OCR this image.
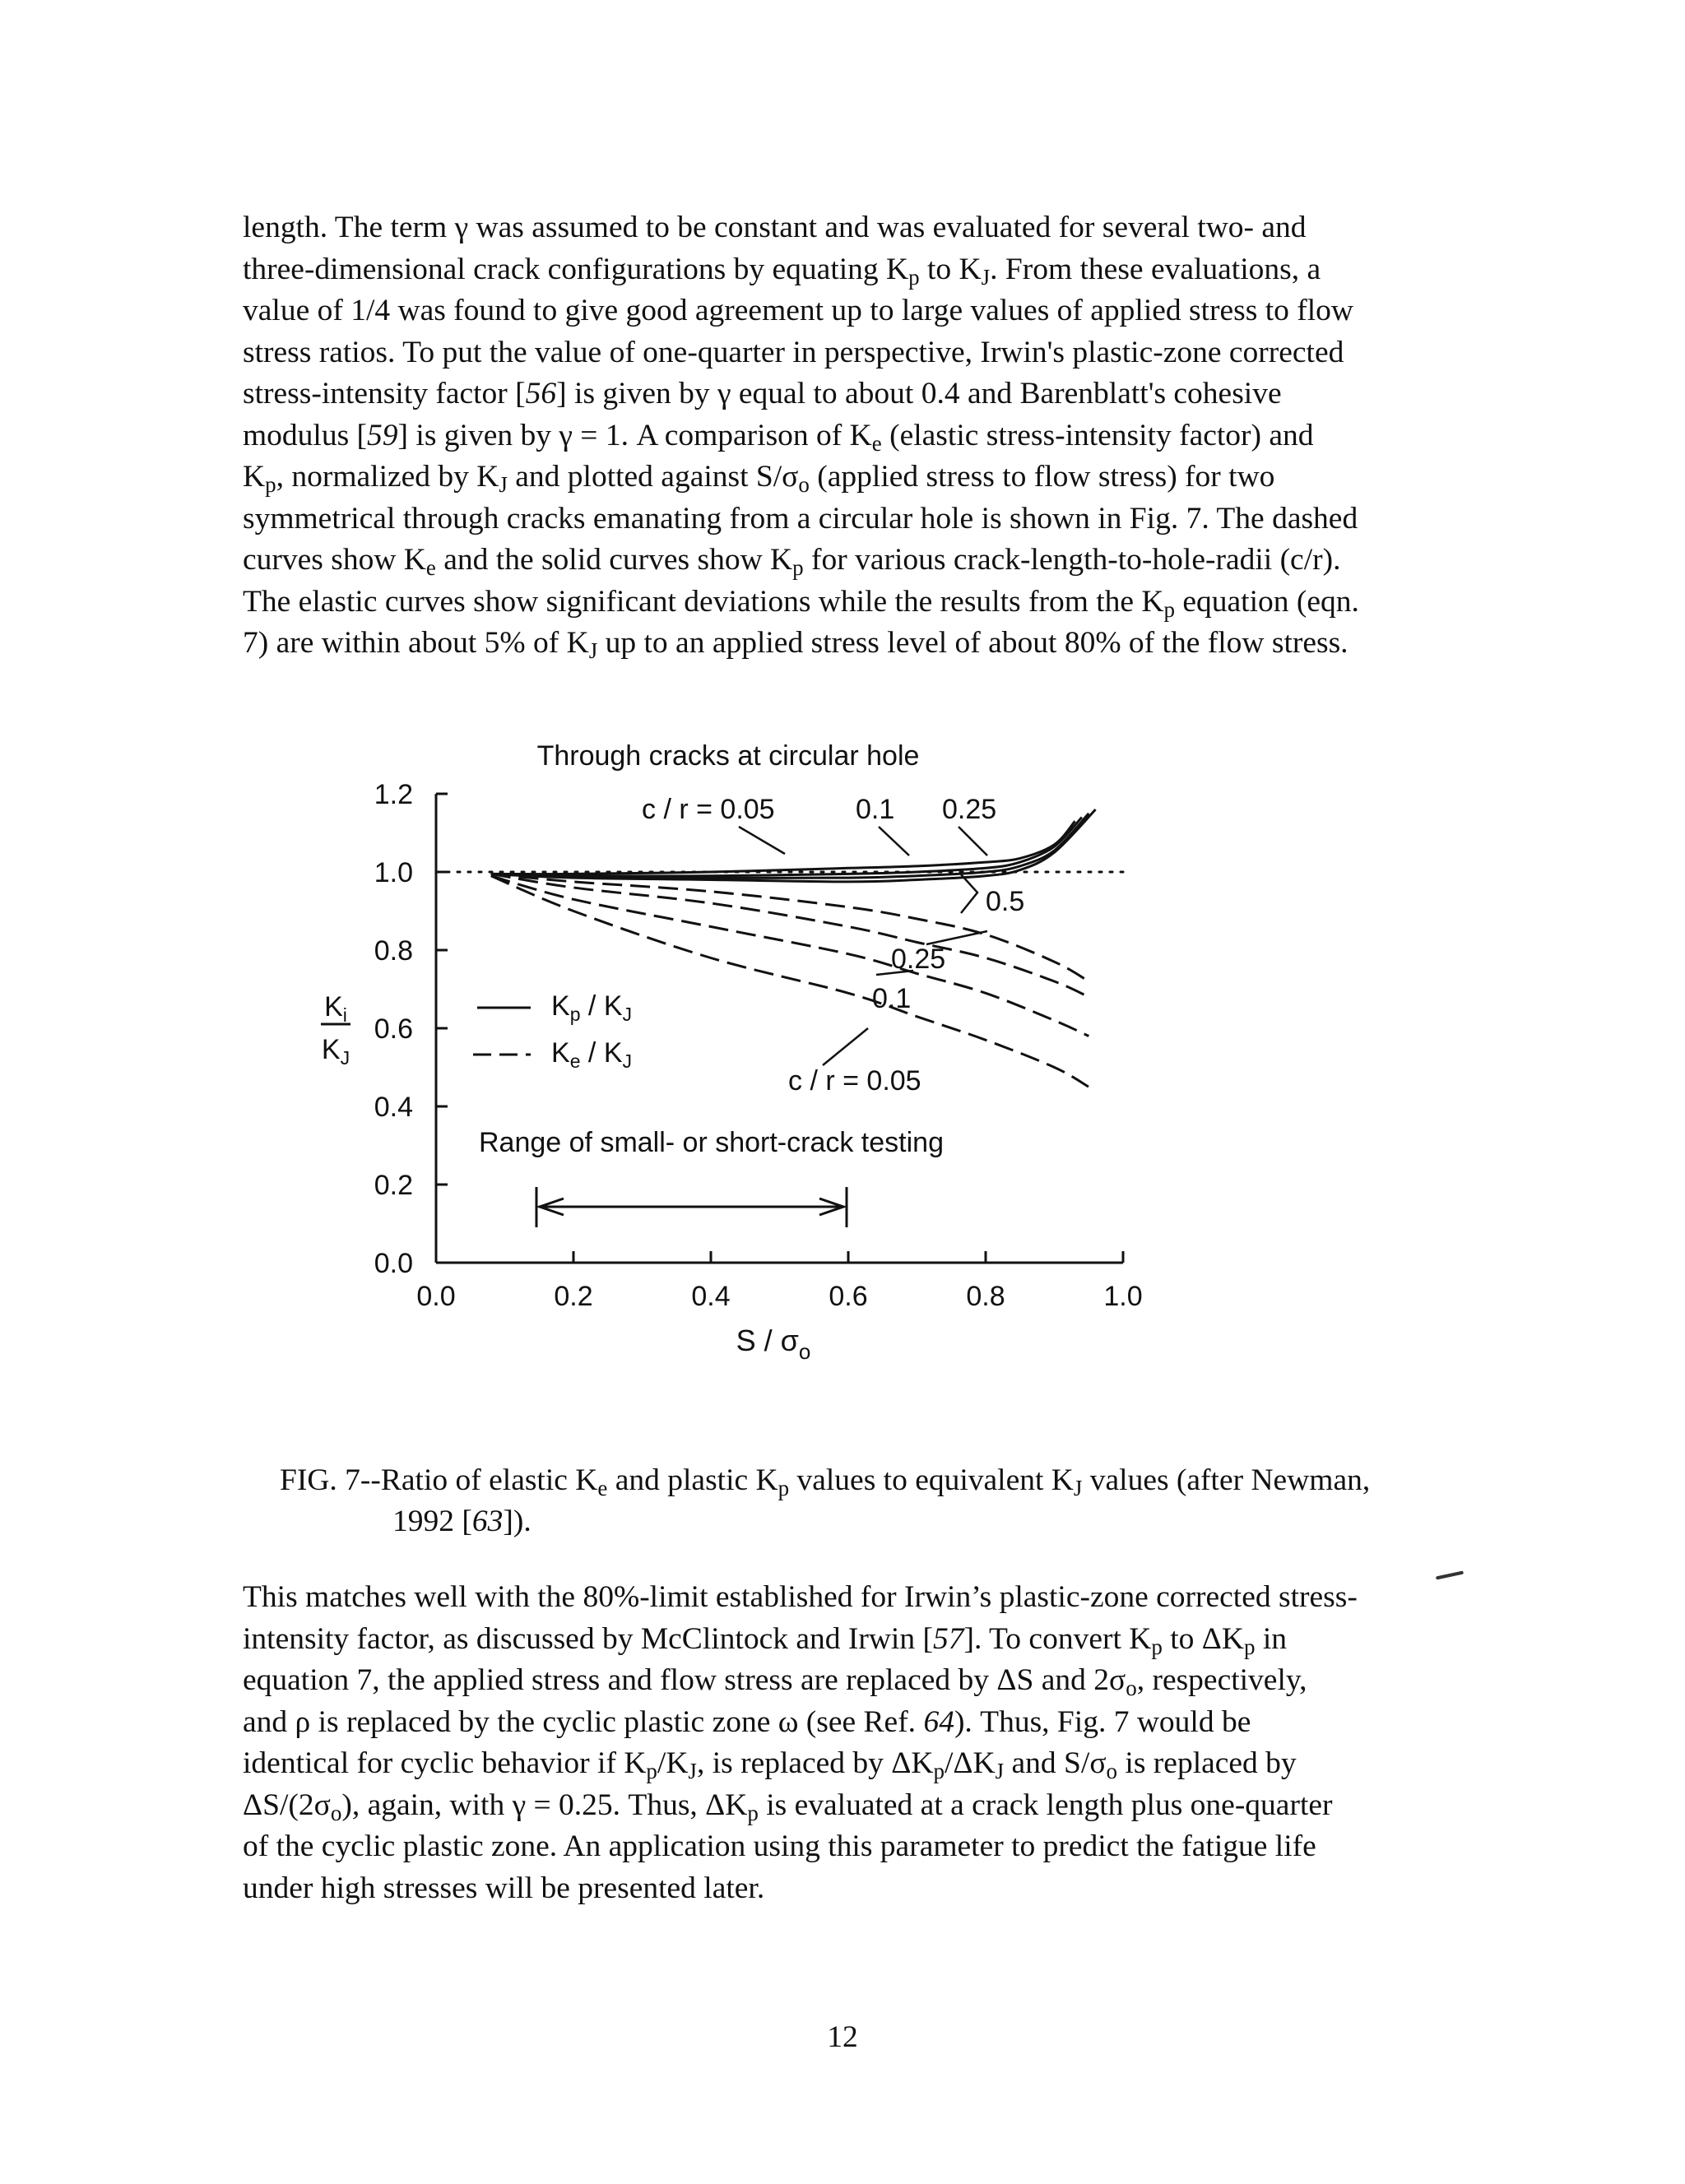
length. The term γ was assumed to be constant and was evaluated for several two- and
three-dimensional crack configurations by equating $K_p$ to $K_J$. From these evaluations, a
value of 1/4 was found to give good agreement up to large values of applied stress to flow
stress ratios. To put the value of one-quarter in perspective, Irwin's plastic-zone corrected
stress-intensity factor [56] is given by γ equal to about 0.4 and Barenblatt's cohesive
modulus [59] is given by γ = 1. A comparison of $K_e$ (elastic stress-intensity factor) and
$K_p$, normalized by $K_J$ and plotted against $S/\sigma_o$ (applied stress to flow stress) for two
symmetrical through cracks emanating from a circular hole is shown in Fig. 7. The dashed
curves show $K_e$ and the solid curves show $K_p$ for various crack-length-to-hole-radii (c/r).
The elastic curves show significant deviations while the results from the $K_p$ equation (eqn.
7) are within about 5% of $K_J$ up to an applied stress level of about 80% of the flow stress.

0.0
0.2
0.4
0.6
0.8
1.0
1.2
0.0	0.2	0.4	0.6	0.8	1.0
Through cracks at circular hole
$K_i$
$K_J$
S / $\sigma_o$
$K_p / K_J$
$K_e / K_J$
c / r = 0.05	0.1 0.25
0.5
0.25
0.1
c / r = 0.05
Range of small- or short-crack testing
FIG. 7--Ratio of elastic $K_e$ and plastic $K_p$ values to equivalent $K_J$ values (after Newman,
1992 [63]).

This matches well with the 80%-limit established for Irwin’s plastic-zone corrected stress-
intensity factor, as discussed by McClintock and Irwin [57]. To convert $K_p$ to $\Delta K_p$ in
equation 7, the applied stress and flow stress are replaced by ΔS and $2\sigma_o$, respectively,
and ρ is replaced by the cyclic plastic zone ω (see Ref. 64). Thus, Fig. 7 would be
identical for cyclic behavior if $K_p/K_J$, is replaced by $\Delta K_p/\Delta K_J$ and $S/\sigma_o$ is replaced by
$\Delta S/(2\sigma_o)$, again, with γ = 0.25. Thus, $\Delta K_p$ is evaluated at a crack length plus one-quarter
of the cyclic plastic zone. An application using this parameter to predict the fatigue life
under high stresses will be presented later.

12
